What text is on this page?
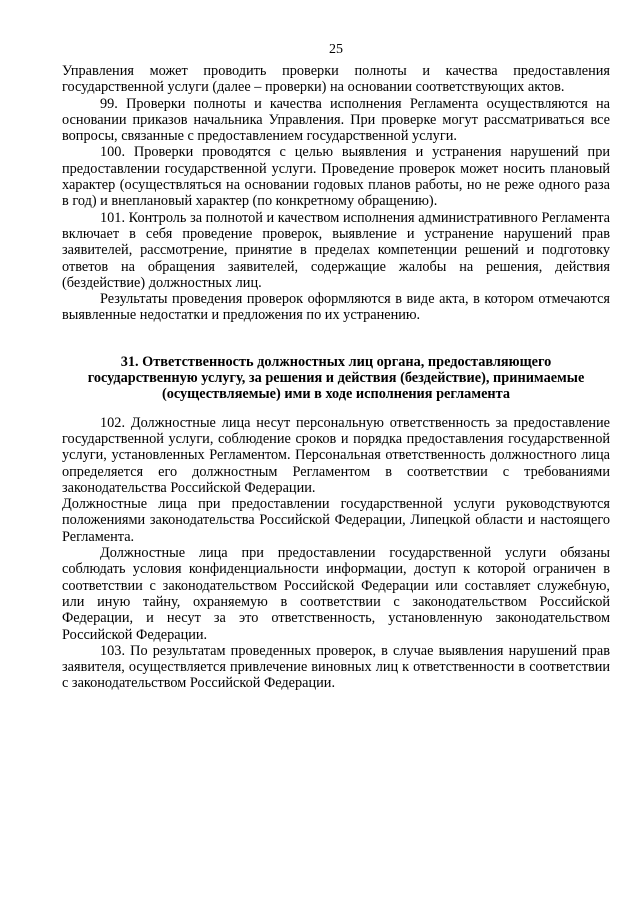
25

Управления может проводить проверки полноты и качества предоставления государственной услуги (далее – проверки) на основании соответствующих актов.

99. Проверки полноты и качества исполнения Регламента осуществляются на основании приказов начальника Управления. При проверке могут рассматриваться все вопросы, связанные с предоставлением государственной услуги.

100. Проверки проводятся с целью выявления и устранения нарушений при предоставлении государственной услуги. Проведение проверок может носить плановый характер (осуществляться на основании годовых планов работы, но не реже одного раза в год) и внеплановый характер (по конкретному обращению).

101. Контроль за полнотой и качеством исполнения административного Регламента включает в себя проведение проверок, выявление и устранение нарушений прав заявителей, рассмотрение, принятие в пределах компетенции решений и подготовку ответов на обращения заявителей, содержащие жалобы на решения, действия (бездействие) должностных лиц.

Результаты проведения проверок оформляются в виде акта, в котором отмечаются выявленные недостатки и предложения по их устранению.

31. Ответственность должностных лиц органа, предоставляющего государственную услугу, за решения и действия (бездействие), принимаемые (осуществляемые) ими в ходе исполнения регламента

102. Должностные лица несут персональную ответственность за предоставление государственной услуги, соблюдение сроков и порядка предоставления государственной услуги, установленных Регламентом. Персональная ответственность должностного лица определяется его должностным Регламентом в соответствии с требованиями законодательства Российской Федерации.

Должностные лица при предоставлении государственной услуги руководствуются положениями законодательства Российской Федерации, Липецкой области и настоящего Регламента.

Должностные лица при предоставлении государственной услуги обязаны соблюдать условия конфиденциальности информации, доступ к которой ограничен в соответствии с законодательством Российской Федерации или составляет служебную, или иную тайну, охраняемую в соответствии с законодательством Российской Федерации, и несут за это ответственность, установленную законодательством Российской Федерации.

103. По результатам проведенных проверок, в случае выявления нарушений прав заявителя, осуществляется привлечение виновных лиц к ответственности в соответствии с законодательством Российской Федерации.
